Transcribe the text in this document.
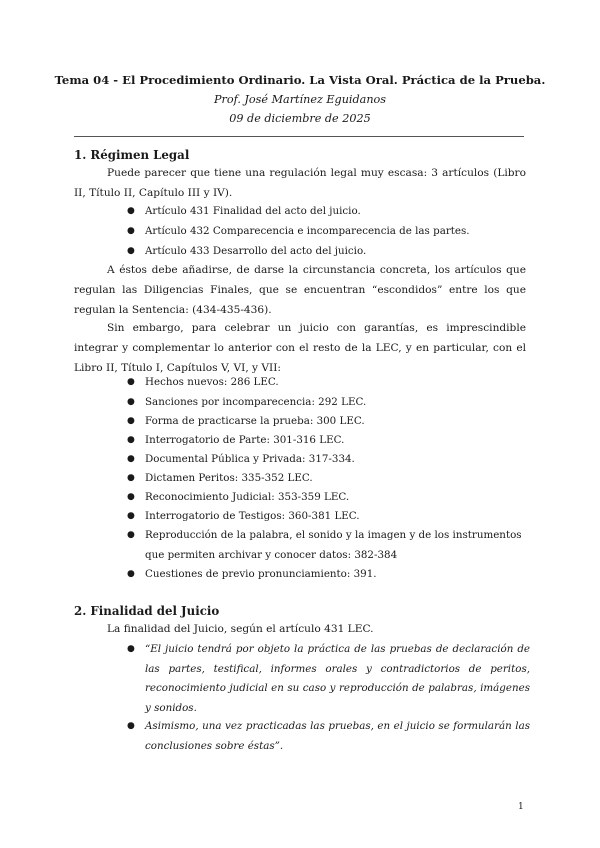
Tema 04 - El Procedimiento Ordinario. La Vista Oral. Práctica de la Prueba.
Prof. José Martínez Eguidanos
09 de diciembre de 2025
1. Régimen Legal
Puede parecer que tiene una regulación legal muy escasa: 3 artículos (Libro II, Título II, Capítulo III y IV).
● Artículo 431 Finalidad del acto del juicio.
● Artículo 432 Comparecencia e incomparecencia de las partes.
● Artículo 433 Desarrollo del acto del juicio.
A éstos debe añadirse, de darse la circunstancia concreta, los artículos que regulan las Diligencias Finales, que se encuentran “escondidos” entre los que regulan la Sentencia: (434-435-436).
Sin embargo, para celebrar un juicio con garantías, es imprescindible integrar y complementar lo anterior con el resto de la LEC, y en particular, con el Libro II, Título I, Capítulos V, VI, y VII:
● Hechos nuevos: 286 LEC.
● Sanciones por incomparecencia: 292 LEC.
● Forma de practicarse la prueba: 300 LEC.
● Interrogatorio de Parte: 301-316 LEC.
● Documental Pública y Privada: 317-334.
● Dictamen Peritos: 335-352 LEC.
● Reconocimiento Judicial: 353-359 LEC.
● Interrogatorio de Testigos: 360-381 LEC.
● Reproducción de la palabra, el sonido y la imagen y de los instrumentos que permiten archivar y conocer datos: 382-384
● Cuestiones de previo pronunciamiento: 391.
2. Finalidad del Juicio
La finalidad del Juicio, según el artículo 431 LEC.
● “El juicio tendrá por objeto la práctica de las pruebas de declaración de las partes, testifical, informes orales y contradictorios de peritos, reconocimiento judicial en su caso y reproducción de palabras, imágenes y sonidos.
● Asimismo, una vez practicadas las pruebas, en el juicio se formularán las conclusiones sobre éstas”.
1
